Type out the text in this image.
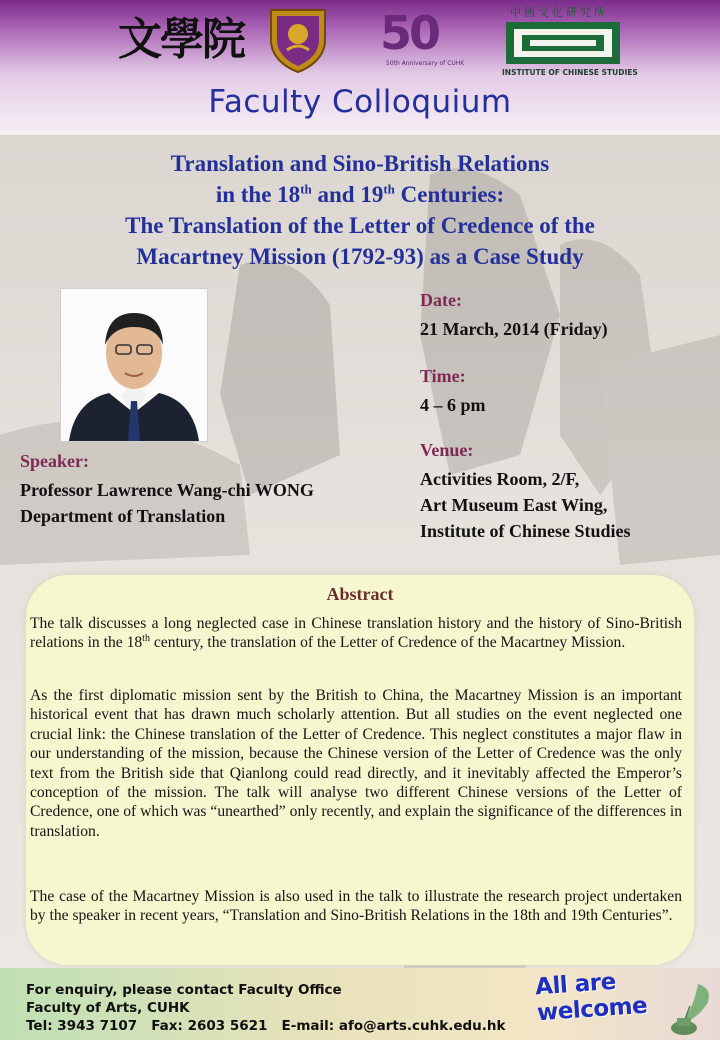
文學院	50
50th Anniversary of CUHK
中國文化研究所
INSTITUTE OF CHINESE STUDIES
Faculty Colloquium
Translation and Sino-British Relations
in the 18th and 19th Centuries:
The Translation of the Letter of Credence of the
Macartney Mission (1792-93) as a Case Study
Speaker:
Professor Lawrence Wang-chi WONG
Department of Translation
Date:
21 March, 2014 (Friday)
Time:
4 – 6 pm
Venue:
Activities Room, 2/F,
Art Museum East Wing,
Institute of Chinese Studies
Abstract
The talk discusses a long neglected case in Chinese translation history and the history of Sino-British relations in the 18th century, the translation of the Letter of Credence of the Macartney Mission.
As the first diplomatic mission sent by the British to China, the Macartney Mission is an important historical event that has drawn much scholarly attention. But all studies on the event neglected one crucial link: the Chinese translation of the Letter of Credence. This neglect constitutes a major flaw in our understanding of the mission, because the Chinese version of the Letter of Credence was the only text from the British side that Qianlong could read directly, and it inevitably affected the Emperor’s conception of the mission. The talk will analyse two different Chinese versions of the Letter of Credence, one of which was “unearthed” only recently, and explain the significance of the differences in translation.
The case of the Macartney Mission is also used in the talk to illustrate the research project undertaken by the speaker in recent years, “Translation and Sino-British Relations in the 18th and 19th Centuries”.
For enquiry, please contact Faculty Office
Faculty of Arts, CUHK
Tel: 3943 7107   Fax: 2603 5621   E-mail: afo@arts.cuhk.edu.hk
All are welcome
